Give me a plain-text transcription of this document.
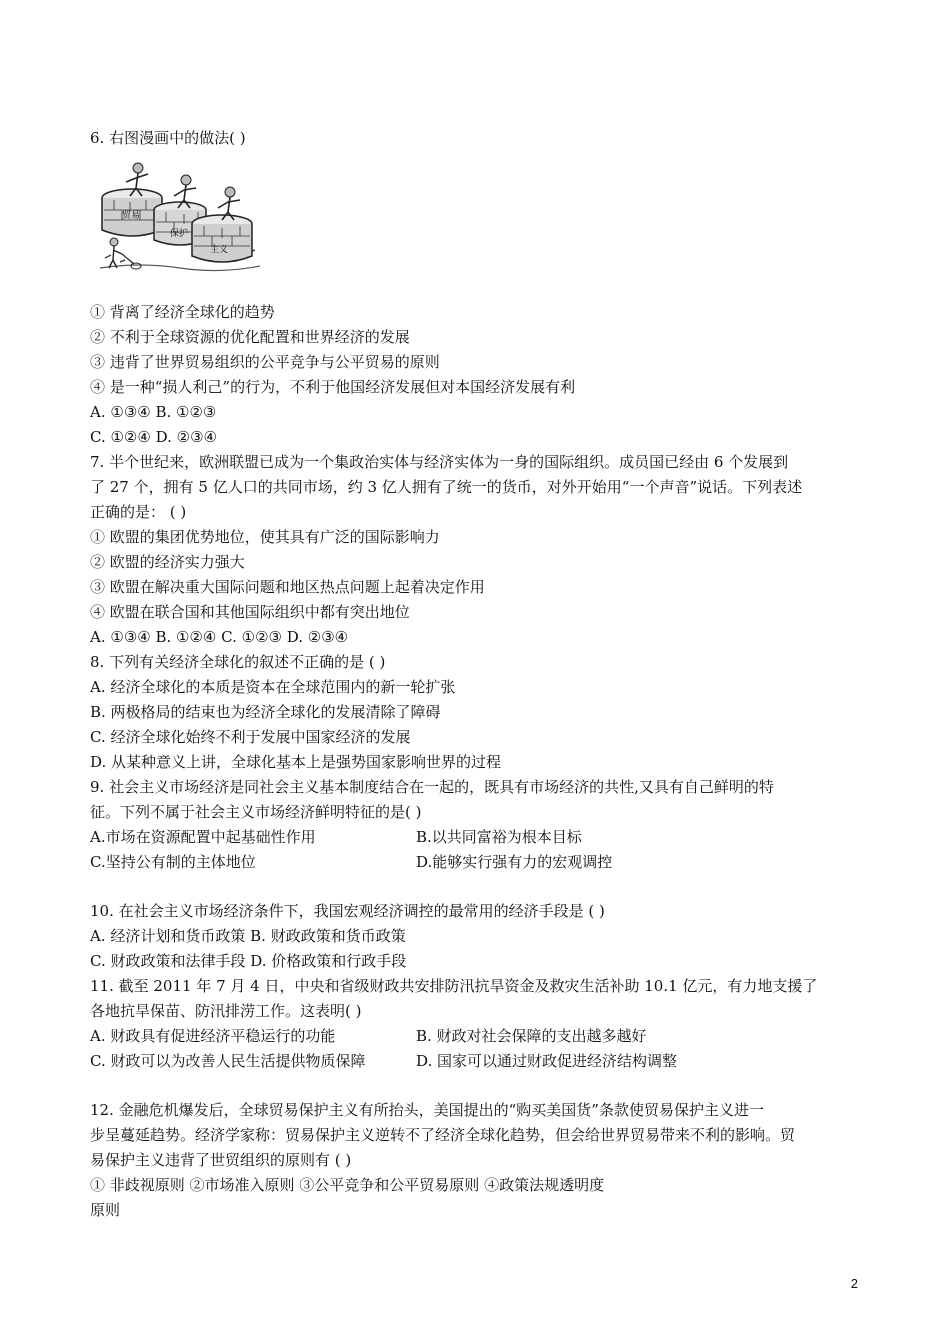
6. 右图漫画中的做法( )
贸易
保护
主义
① 背离了经济全球化的趋势
② 不利于全球资源的优化配置和世界经济的发展
③ 违背了世界贸易组织的公平竞争与公平贸易的原则
④ 是一种“损人利己”的行为，不利于他国经济发展但对本国经济发展有利
A. ①③④ B. ①②③
C. ①②④ D. ②③④
7. 半个世纪来，欧洲联盟已成为一个集政治实体与经济实体为一身的国际组织。成员国已经由 6 个发展到
了 27 个，拥有 5 亿人口的共同市场，约 3 亿人拥有了统一的货币，对外开始用“一个声音”说话。下列表述
正确的是： ( )
① 欧盟的集团优势地位，使其具有广泛的国际影响力
② 欧盟的经济实力强大
③ 欧盟在解决重大国际问题和地区热点问题上起着决定作用
④ 欧盟在联合国和其他国际组织中都有突出地位
A. ①③④ B. ①②④ C. ①②③ D. ②③④
8. 下列有关经济全球化的叙述不正确的是 ( )
A. 经济全球化的本质是资本在全球范围内的新一轮扩张
B. 两极格局的结束也为经济全球化的发展清除了障碍
C. 经济全球化始终不利于发展中国家经济的发展
D. 从某种意义上讲，全球化基本上是强势国家影响世界的过程
9. 社会主义市场经济是同社会主义基本制度结合在一起的，既具有市场经济的共性,又具有自己鲜明的特
征。下列不属于社会主义市场经济鲜明特征的是( )
A.市场在资源配置中起基础性作用	B.以共同富裕为根本目标
C.坚持公有制的主体地位	D.能够实行强有力的宏观调控
10. 在社会主义市场经济条件下，我国宏观经济调控的最常用的经济手段是 ( )
A. 经济计划和货币政策 B. 财政政策和货币政策
C. 财政政策和法律手段 D. 价格政策和行政手段
11. 截至 2011 年 7 月 4 日，中央和省级财政共安排防汛抗旱资金及救灾生活补助 10.1 亿元，有力地支援了
各地抗旱保苗、防汛排涝工作。这表明( )
A. 财政具有促进经济平稳运行的功能	B. 财政对社会保障的支出越多越好
C. 财政可以为改善人民生活提供物质保障	D. 国家可以通过财政促进经济结构调整
12. 金融危机爆发后，全球贸易保护主义有所抬头，美国提出的“购买美国货”条款使贸易保护主义进一
步呈蔓延趋势。经济学家称：贸易保护主义逆转不了经济全球化趋势，但会给世界贸易带来不利的影响。贸
易保护主义违背了世贸组织的原则有 ( )
① 非歧视原则 ②市场准入原则 ③公平竞争和公平贸易原则 ④政策法规透明度
原则
2
